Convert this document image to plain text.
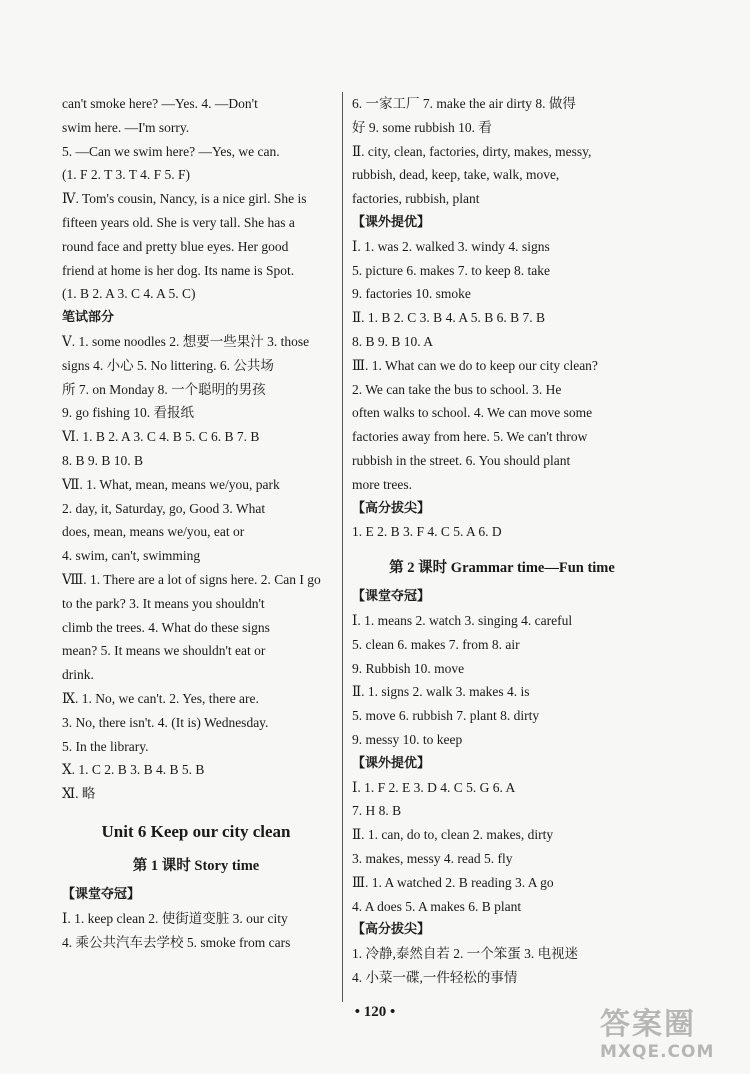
can't smoke here? —Yes. 4. —Don't
swim here. —I'm sorry.
5. —Can we swim here? —Yes, we can.
(1. F 2. T 3. T 4. F 5. F)
Ⅳ. Tom's cousin, Nancy, is a nice girl. She is
fifteen years old. She is very tall. She has a
round face and pretty blue eyes. Her good
friend at home is her dog. Its name is Spot.
(1. B 2. A 3. C 4. A 5. C)
笔试部分
Ⅴ. 1. some noodles 2. 想要一些果汁 3. those
signs 4. 小心 5. No littering. 6. 公共场
所 7. on Monday 8. 一个聪明的男孩
9. go fishing 10. 看报纸
Ⅵ. 1. B 2. A 3. C 4. B 5. C 6. B 7. B
8. B 9. B 10. B
Ⅶ. 1. What, mean, means we/you, park
2. day, it, Saturday, go, Good 3. What
does, mean, means we/you, eat or
4. swim, can't, swimming
Ⅷ. 1. There are a lot of signs here. 2. Can I go
to the park? 3. It means you shouldn't
climb the trees. 4. What do these signs
mean? 5. It means we shouldn't eat or
drink.
Ⅸ. 1. No, we can't. 2. Yes, there are.
3. No, there isn't. 4. (It is) Wednesday.
5. In the library.
Ⅹ. 1. C 2. B 3. B 4. B 5. B
Ⅺ. 略
Unit 6 Keep our city clean
第 1 课时 Story time
【课堂夺冠】
Ⅰ. 1. keep clean 2. 使街道变脏 3. our city
4. 乘公共汽车去学校 5. smoke from cars
6. 一家工厂 7. make the air dirty 8. 做得
好 9. some rubbish 10. 看
Ⅱ. city, clean, factories, dirty, makes, messy,
rubbish, dead, keep, take, walk, move,
factories, rubbish, plant
【课外提优】
Ⅰ. 1. was 2. walked 3. windy 4. signs
5. picture 6. makes 7. to keep 8. take
9. factories 10. smoke
Ⅱ. 1. B 2. C 3. B 4. A 5. B 6. B 7. B
8. B 9. B 10. A
Ⅲ. 1. What can we do to keep our city clean?
2. We can take the bus to school. 3. He
often walks to school. 4. We can move some
factories away from here. 5. We can't throw
rubbish in the street. 6. You should plant
more trees.
【高分拔尖】
1. E 2. B 3. F 4. C 5. A 6. D
第 2 课时 Grammar time—Fun time
【课堂夺冠】
Ⅰ. 1. means 2. watch 3. singing 4. careful
5. clean 6. makes 7. from 8. air
9. Rubbish 10. move
Ⅱ. 1. signs 2. walk 3. makes 4. is
5. move 6. rubbish 7. plant 8. dirty
9. messy 10. to keep
【课外提优】
Ⅰ. 1. F 2. E 3. D 4. C 5. G 6. A
7. H 8. B
Ⅱ. 1. can, do to, clean 2. makes, dirty
3. makes, messy 4. read 5. fly
Ⅲ. 1. A watched 2. B reading 3. A go
4. A does 5. A makes 6. B plant
【高分拔尖】
1. 冷静,泰然自若 2. 一个笨蛋 3. 电视迷
4. 小菜一碟,一件轻松的事情
• 120 •	答案圈
MXQE.COM
